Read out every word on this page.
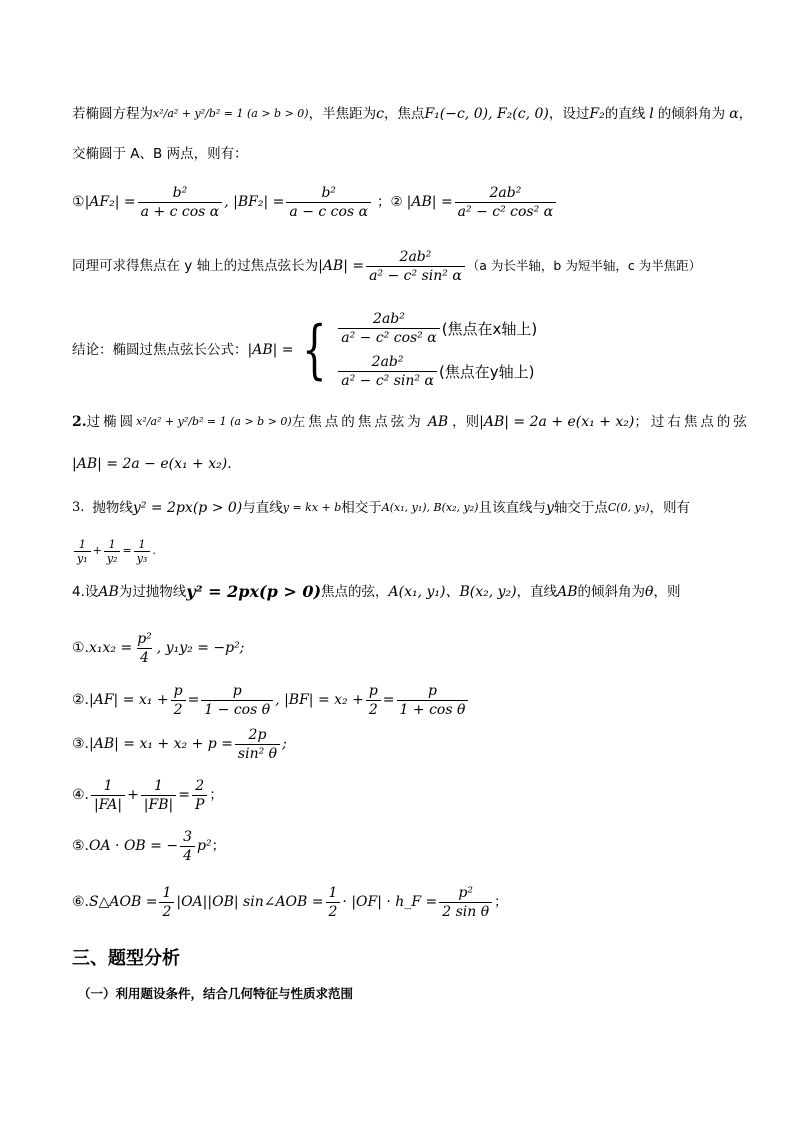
若椭圆方程为 x²/a² + y²/b² = 1 (a > b > 0) ，半焦距为 c ，焦点 F₁(−c, 0), F₂(c, 0) ，设过 F₂ 的直线 l 的倾斜角为 α ，
交椭圆于 A、B 两点，则有：
① $|AF_2| = \frac{\text{b²}}{\text{a + c cos α}}$ , $|BF_2| = \frac{\text{b²}}{\text{a − c cos α}}$ ；② $|AB| = \frac{\text{2ab²}}{\text{a² − c² cos² α}}$
同理可求得焦点在 y 轴上的过焦点弦长为 $|AB| = \frac{\text{2ab²}}{\text{a² − c² sin² α}} (a$ 为长半轴，b 为短半轴，c 为半焦距）
结论：椭圆过焦点弦长公式： |AB| = { $\frac{\text{2ab²}}{\text{a² − c² cos² α}}$ (焦点在x轴上)
$\frac{\text{2ab²}}{\text{a² − c² sin² α}}$ (焦点在y轴上)
2. 过椭圆 x²/a² + y²/b² = 1 (a > b > 0) 左焦点的焦点弦为 AB ，则 |AB| = 2a + e(x₁ + x₂) ；过右焦点的弦
|AB| = 2a − e(x₁ + x₂) .
3. 抛物线 y² = 2px(p > 0) 与直线 y = kx + b 相交于 A(x₁, y₁), B(x₂, y₂) 且该直线与 y 轴交于点 C(0, y₃) ，则有
$\frac{1}{\text{y₁}} + \frac{1}{\text{y₂}} = \frac{1}{\text{y₃}}$ .
4.设 AB 为过抛物线 y² = 2px(p > 0) 焦点的弦， A(x₁, y₁)、B(x₂, y₂) ，直线 AB 的倾斜角为 θ ，则
①. $x_1x_2 = \frac{\text{p²}}{4}$ , y₁y₂ = −p²;
②. $|AF| = x_1 + \frac{p}{2} = \frac{p}{\text{1 − cos θ}}$ , $|BF| = x_2 + \frac{p}{2} = \frac{p}{\text{1 + cos θ}}$
③. $|AB| = x_1 + x_2 + p = \frac{2p}{\text{sin² θ}}$ ;
④. $\frac{1}{|FA|} + \frac{1}{|FB|} = \frac{2}{P}$ ；
⑤. OA · OB = − $\frac{3}{4} p^2$ ；
⑥. S△AOB = $\frac{1}{2} |OA||OB|$ sin∠AOB = $\frac{1}{2} \cdot |OF|$ · h_F = $\frac{\text{p²}}{\text{2 sin θ}}$ ；
三、题型分析
（一）利用题设条件，结合几何特征与性质求范围
